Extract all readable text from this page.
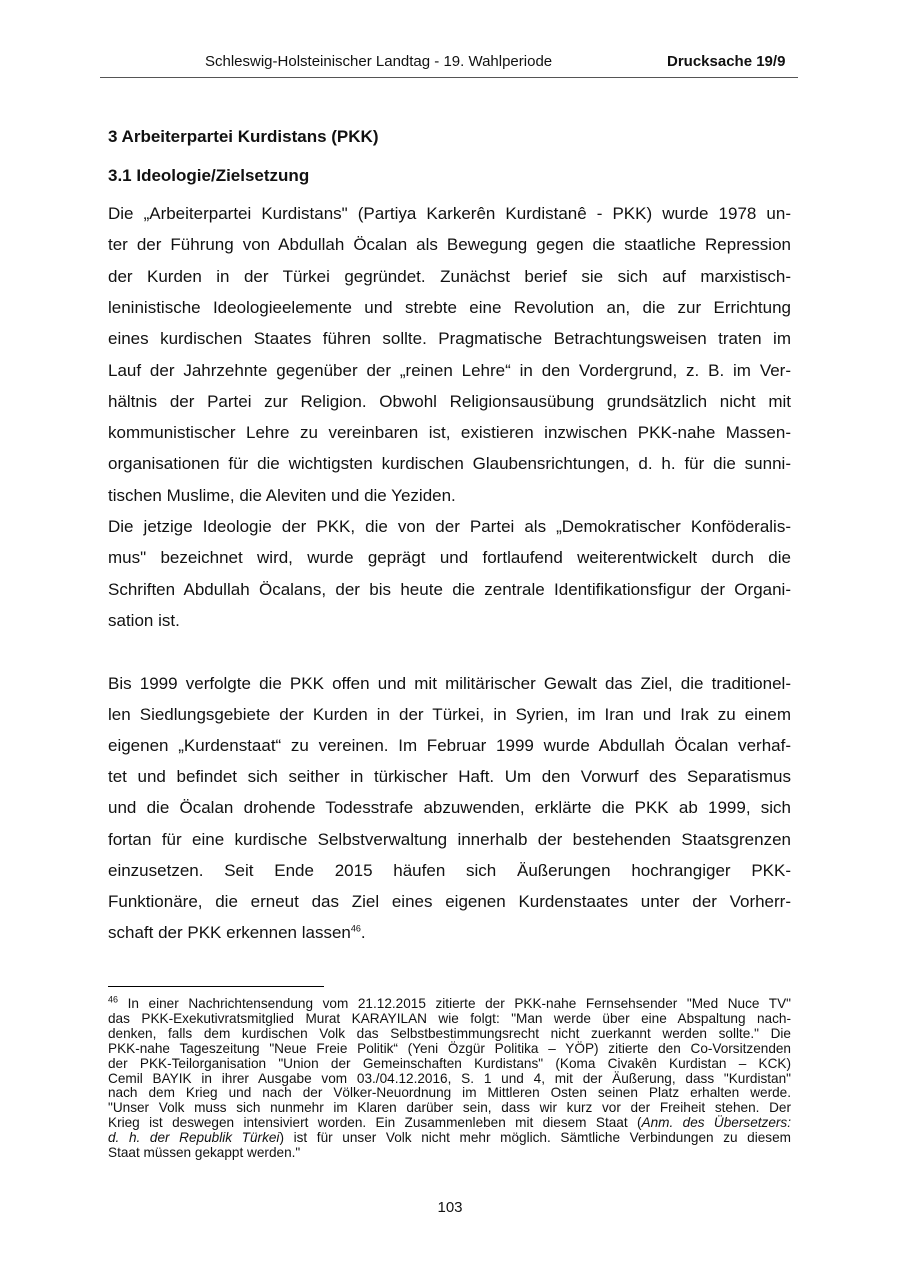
Schleswig-Holsteinischer Landtag - 19. Wahlperiode	Drucksache 19/9
3 Arbeiterpartei Kurdistans (PKK)
3.1 Ideologie/Zielsetzung
Die „Arbeiterpartei Kurdistans" (Partiya Karkerên Kurdistanê - PKK) wurde 1978 un-
ter der Führung von Abdullah Öcalan als Bewegung gegen die staatliche Repression
der Kurden in der Türkei gegründet. Zunächst berief sie sich auf marxistisch-
leninistische Ideologieelemente und strebte eine Revolution an, die zur Errichtung
eines kurdischen Staates führen sollte. Pragmatische Betrachtungsweisen traten im
Lauf der Jahrzehnte gegenüber der „reinen Lehre“ in den Vordergrund, z. B. im Ver-
hältnis der Partei zur Religion. Obwohl Religionsausübung grundsätzlich nicht mit
kommunistischer Lehre zu vereinbaren ist, existieren inzwischen PKK-nahe Massen-
organisationen für die wichtigsten kurdischen Glaubensrichtungen, d. h. für die sunni-
tischen Muslime, die Aleviten und die Yeziden.
Die jetzige Ideologie der PKK, die von der Partei als „Demokratischer Konföderalis-
mus" bezeichnet wird, wurde geprägt und fortlaufend weiterentwickelt durch die
Schriften Abdullah Öcalans, der bis heute die zentrale Identifikationsfigur der Organi-
sation ist.
Bis 1999 verfolgte die PKK offen und mit militärischer Gewalt das Ziel, die traditionel-
len Siedlungsgebiete der Kurden in der Türkei, in Syrien, im Iran und Irak zu einem
eigenen „Kurdenstaat“ zu vereinen. Im Februar 1999 wurde Abdullah Öcalan verhaf-
tet und befindet sich seither in türkischer Haft. Um den Vorwurf des Separatismus
und die Öcalan drohende Todesstrafe abzuwenden, erklärte die PKK ab 1999, sich
fortan für eine kurdische Selbstverwaltung innerhalb der bestehenden Staatsgrenzen
einzusetzen. Seit Ende 2015 häufen sich Äußerungen hochrangiger PKK-
Funktionäre, die erneut das Ziel eines eigenen Kurdenstaates unter der Vorherr-
schaft der PKK erkennen lassen$^{46}$.
$^{46}$ In einer Nachrichtensendung vom 21.12.2015 zitierte der PKK-nahe Fernsehsender "Med Nuce TV"
das PKK-Exekutivratsmitglied Murat KARAYILAN wie folgt: "Man werde über eine Abspaltung nach-
denken, falls dem kurdischen Volk das Selbstbestimmungsrecht nicht zuerkannt werden sollte." Die
PKK-nahe Tageszeitung "Neue Freie Politik“ (Yeni Özgür Politika – YÖP) zitierte den Co-Vorsitzenden
der PKK-Teilorganisation "Union der Gemeinschaften Kurdistans" (Koma Civakên Kurdistan – KCK)
Cemil BAYIK in ihrer Ausgabe vom 03./04.12.2016, S. 1 und 4, mit der Äußerung, dass "Kurdistan"
nach dem Krieg und nach der Völker-Neuordnung im Mittleren Osten seinen Platz erhalten werde.
"Unser Volk muss sich nunmehr im Klaren darüber sein, dass wir kurz vor der Freiheit stehen. Der
Krieg ist deswegen intensiviert worden. Ein Zusammenleben mit diesem Staat (Anm. des Übersetzers:
d. h. der Republik Türkei) ist für unser Volk nicht mehr möglich. Sämtliche Verbindungen zu diesem
Staat müssen gekappt werden."
103
